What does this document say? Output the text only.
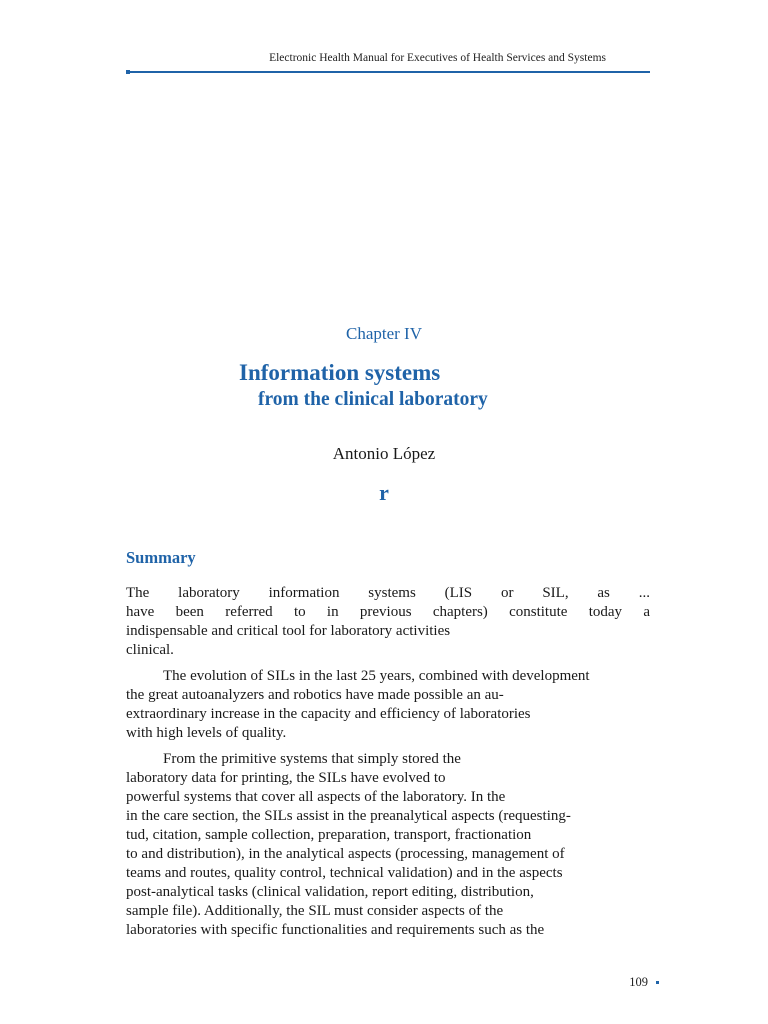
Electronic Health Manual for Executives of Health Services and Systems
Chapter IV
Information systems
from the clinical laboratory
Antonio López
r
Summary
The laboratory information systems (LIS or SIL, as ...
have been referred to in previous chapters) constitute today a
indispensable and critical tool for laboratory activities
clinical.
The evolution of SILs in the last 25 years, combined with development
the great autoanalyzers and robotics have made possible an au-
extraordinary increase in the capacity and efficiency of laboratories
with high levels of quality.
From the primitive systems that simply stored the
laboratory data for printing, the SILs have evolved to
powerful systems that cover all aspects of the laboratory. In the
in the care section, the SILs assist in the preanalytical aspects (requesting-
tud, citation, sample collection, preparation, transport, fractionation
to and distribution), in the analytical aspects (processing, management of
teams and routes, quality control, technical validation) and in the aspects
post-analytical tasks (clinical validation, report editing, distribution,
sample file). Additionally, the SIL must consider aspects of the
laboratories with specific functionalities and requirements such as the
109
